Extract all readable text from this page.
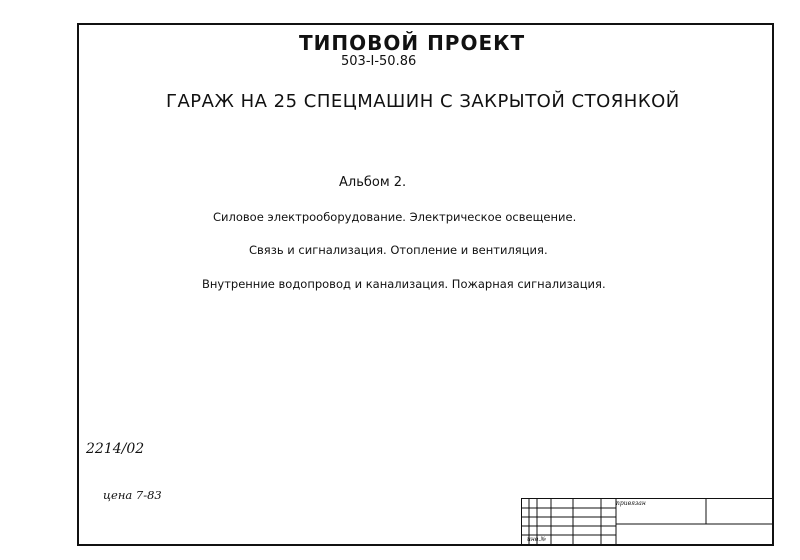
ТИПОВОЙ ПРОЕКТ
503-I-50.86
ГАРАЖ НА 25 СПЕЦМАШИН С ЗАКРЫТОЙ СТОЯНКОЙ
Альбом 2.
Силовое электрооборудование. Электрическое освещение.
Связь и сигнализация. Отопление и вентиляция.
Внутренние водопровод и канализация. Пожарная сигнализация.
2214/02
цена 7-83
привязан
инв.№
